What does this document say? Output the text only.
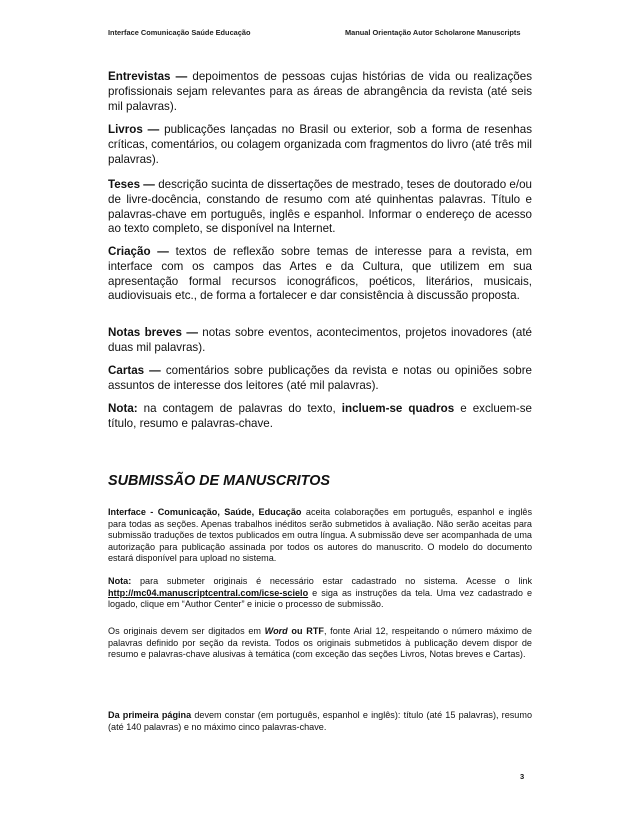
Interface Comunicação Saúde Educação	Manual Orientação Autor Scholarone Manuscripts

Entrevistas — depoimentos de pessoas cujas histórias de vida ou realizações profissionais sejam relevantes para as áreas de abrangência da revista (até seis mil palavras).

Livros — publicações lançadas no Brasil ou exterior, sob a forma de resenhas críticas, comentários, ou colagem organizada com fragmentos do livro (até três mil palavras).

Teses — descrição sucinta de dissertações de mestrado, teses de doutorado e/ou de livre-docência, constando de resumo com até quinhentas palavras. Título e palavras-chave em português, inglês e espanhol. Informar o endereço de acesso ao texto completo, se disponível na Internet.

Criação — textos de reflexão sobre temas de interesse para a revista, em interface com os campos das Artes e da Cultura, que utilizem em sua apresentação formal recursos iconográficos, poéticos, literários, musicais, audiovisuais etc., de forma a fortalecer e dar consistência à discussão proposta.

Notas breves — notas sobre eventos, acontecimentos, projetos inovadores (até duas mil palavras).

Cartas — comentários sobre publicações da revista e notas ou opiniões sobre assuntos de interesse dos leitores (até mil palavras).

Nota: na contagem de palavras do texto, incluem-se quadros e excluem-se título, resumo e palavras-chave.

SUBMISSÃO DE MANUSCRITOS

Interface - Comunicação, Saúde, Educação aceita colaborações em português, espanhol e inglês para todas as seções. Apenas trabalhos inéditos serão submetidos à avaliação. Não serão aceitas para submissão traduções de textos publicados em outra língua. A submissão deve ser acompanhada de uma autorização para publicação assinada por todos os autores do manuscrito. O modelo do documento estará disponível para upload no sistema.

Nota: para submeter originais é necessário estar cadastrado no sistema. Acesse o link http://mc04.manuscriptcentral.com/icse-scielo e siga as instruções da tela. Uma vez cadastrado e logado, clique em “Author Center” e inicie o processo de submissão.

Os originais devem ser digitados em Word ou RTF, fonte Arial 12, respeitando o número máximo de palavras definido por seção da revista. Todos os originais submetidos à publicação devem dispor de resumo e palavras-chave alusivas à temática (com exceção das seções Livros, Notas breves e Cartas).

Da primeira página devem constar (em português, espanhol e inglês): título (até 15 palavras), resumo (até 140 palavras) e no máximo cinco palavras-chave.

3
